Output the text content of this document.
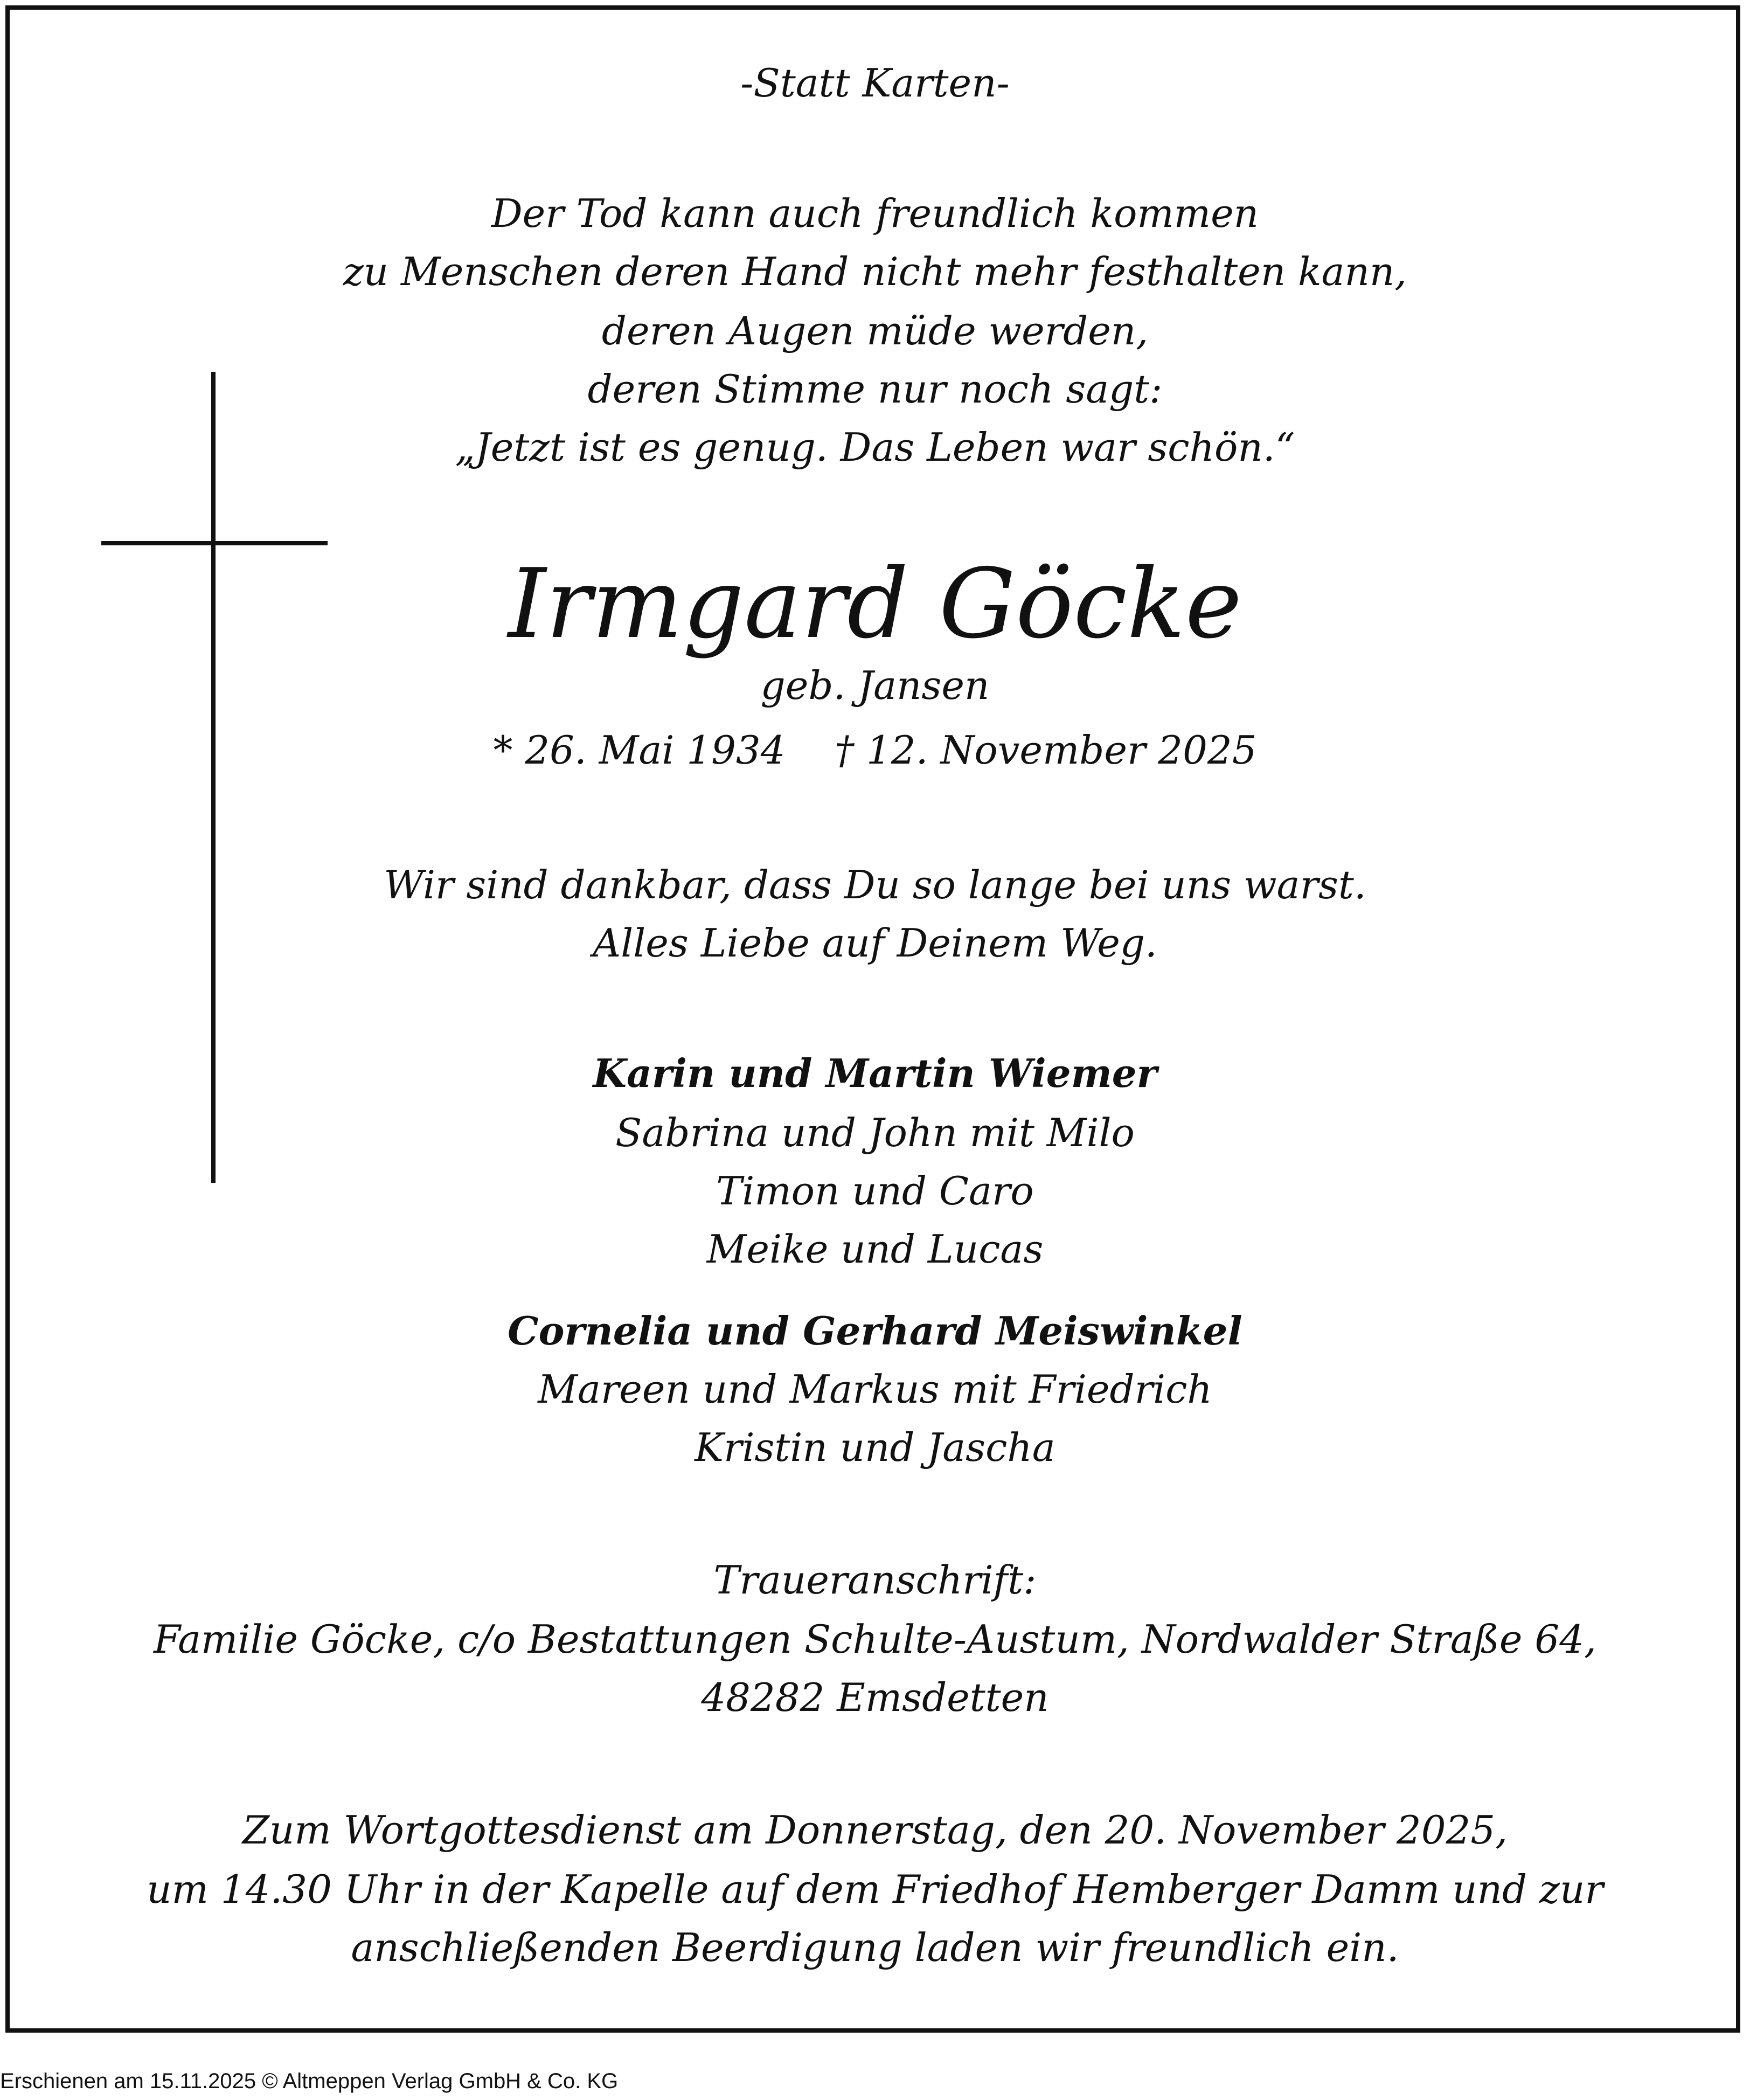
-Statt Karten-
Der Tod kann auch freundlich kommen
zu Menschen deren Hand nicht mehr festhalten kann,
deren Augen müde werden,
deren Stimme nur noch sagt:
„Jetzt ist es genug. Das Leben war schön.“
Irmgard Göcke
geb. Jansen
* 26. Mai 1934    † 12. November 2025
Wir sind dankbar, dass Du so lange bei uns warst.
Alles Liebe auf Deinem Weg.
Karin und Martin Wiemer
Sabrina und John mit Milo
Timon und Caro
Meike und Lucas
Cornelia und Gerhard Meiswinkel
Mareen und Markus mit Friedrich
Kristin und Jascha
Traueranschrift:
Familie Göcke, c/o Bestattungen Schulte-Austum, Nordwalder Straße 64,
48282 Emsdetten
Zum Wortgottesdienst am Donnerstag, den 20. November 2025,
um 14.30 Uhr in der Kapelle auf dem Friedhof Hemberger Damm und zur
anschließenden Beerdigung laden wir freundlich ein.
Erschienen am 15.11.2025 © Altmeppen Verlag GmbH & Co. KG
